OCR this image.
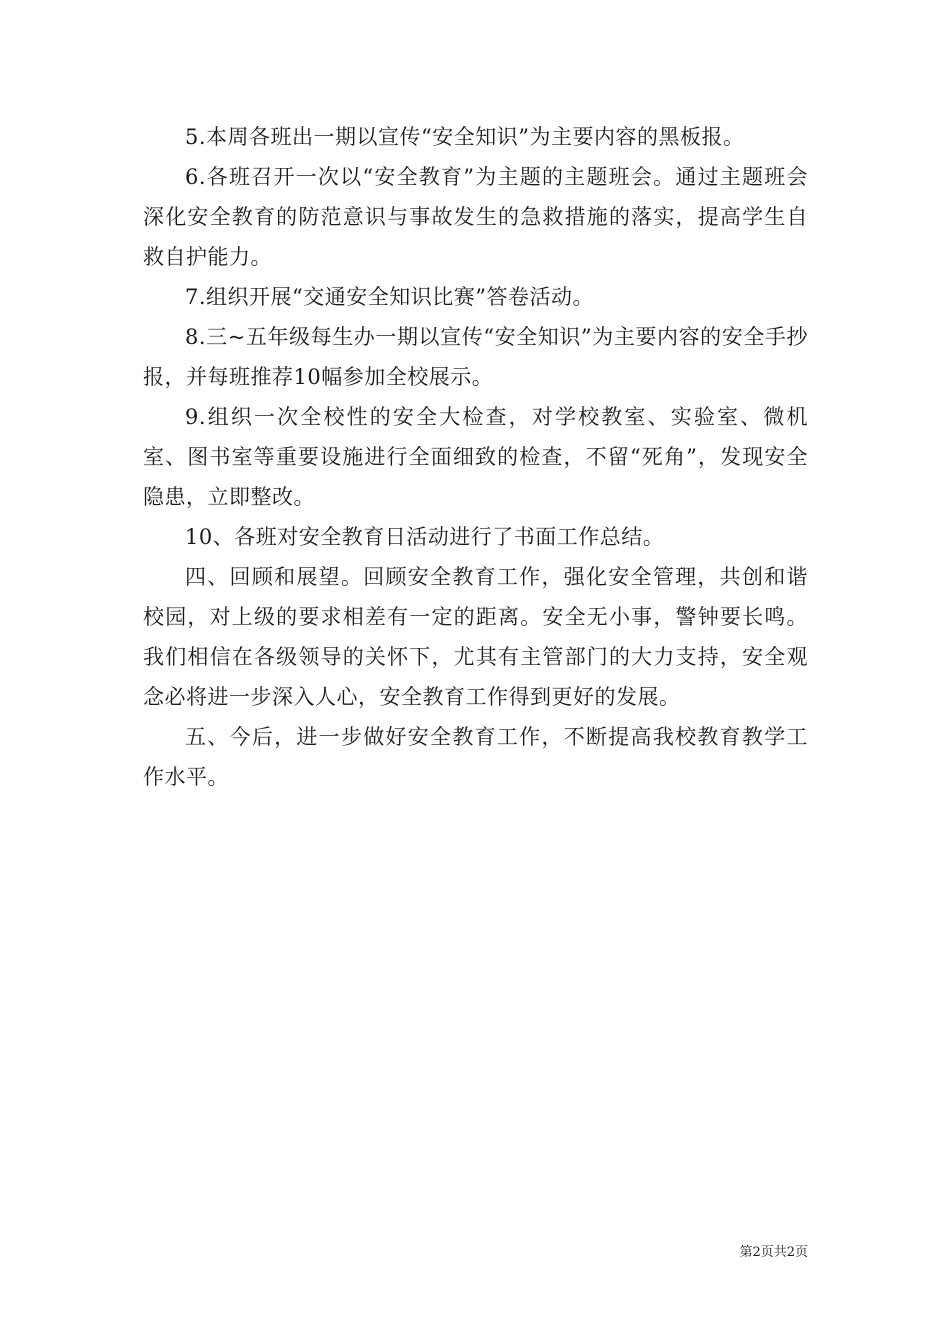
5.本周各班出一期以宣传“安全知识”为主要内容的黑板报。

6.各班召开一次以“安全教育”为主题的主题班会。通过主题班会深化安全教育的防范意识与事故发生的急救措施的落实，提高学生自救自护能力。

7.组织开展“交通安全知识比赛”答卷活动。

8.三~五年级每生办一期以宣传“安全知识”为主要内容的安全手抄报，并每班推荐10幅参加全校展示。

9.组织一次全校性的安全大检查，对学校教室、实验室、微机室、图书室等重要设施进行全面细致的检查，不留“死角”，发现安全隐患，立即整改。

10、各班对安全教育日活动进行了书面工作总结。

四、回顾和展望。回顾安全教育工作，强化安全管理，共创和谐校园，对上级的要求相差有一定的距离。安全无小事，警钟要长鸣。我们相信在各级领导的关怀下，尤其有主管部门的大力支持，安全观念必将进一步深入人心，安全教育工作得到更好的发展。

五、今后，进一步做好安全教育工作，不断提高我校教育教学工作水平。

第2页共2页
